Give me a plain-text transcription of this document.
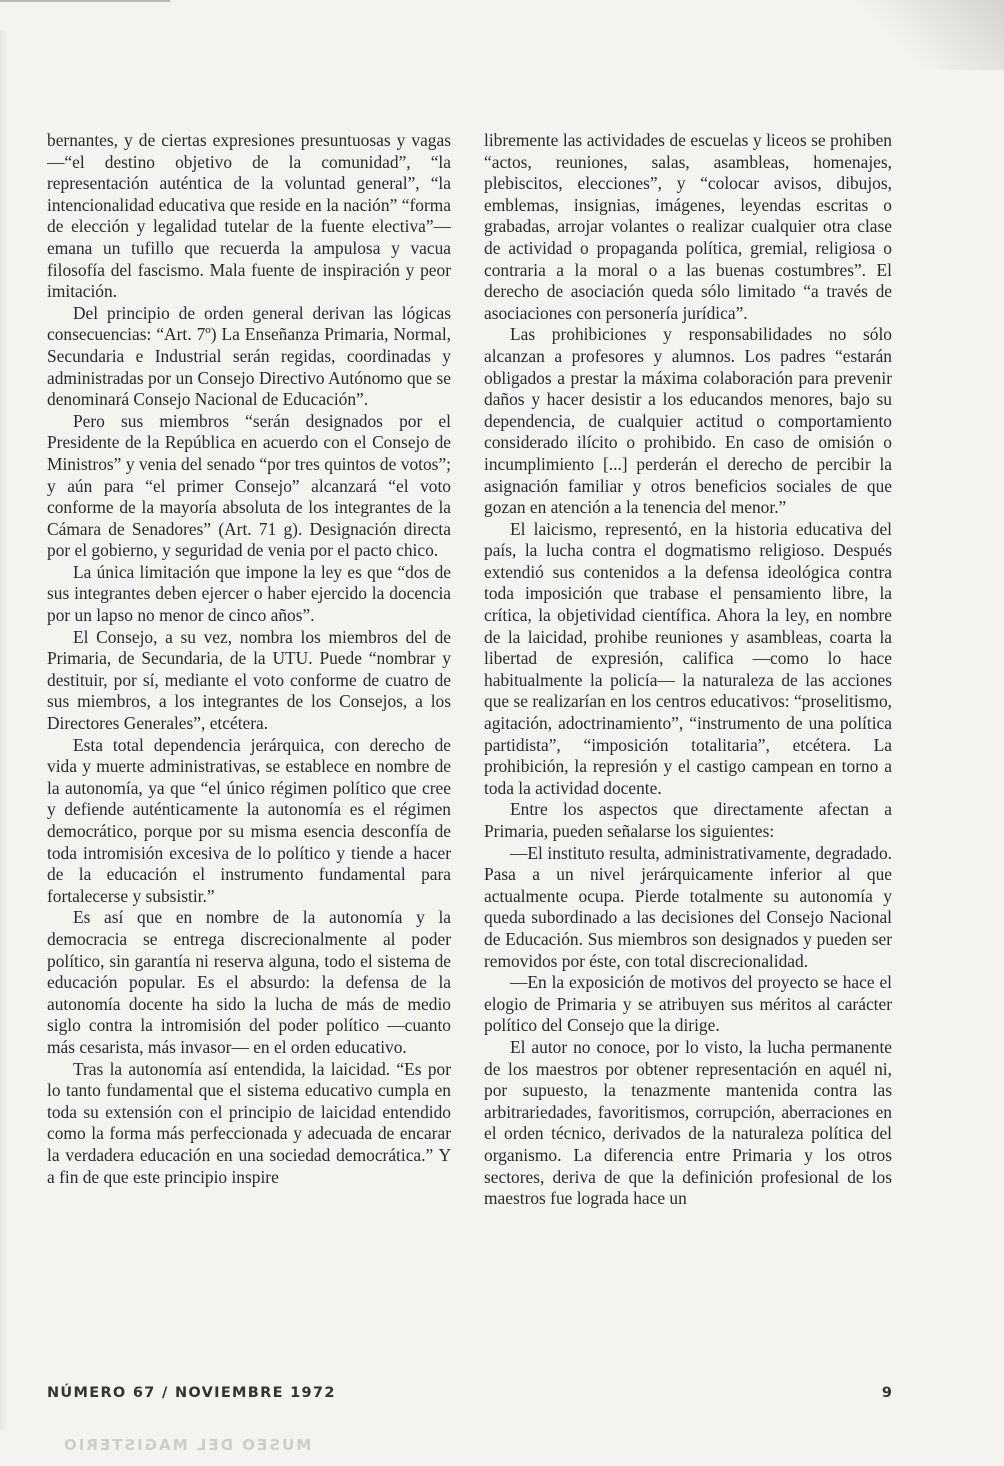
bernantes, y de ciertas expresiones presuntuosas y vagas —“el destino objetivo de la comunidad”, “la representación auténtica de la voluntad general”, “la intencionalidad educativa que reside en la nación” “forma de elección y legalidad tutelar de la fuente electiva”— emana un tufillo que recuerda la ampulosa y vacua filosofía del fascismo. Mala fuente de inspiración y peor imitación.

Del principio de orden general derivan las lógicas consecuencias: “Art. 7º) La Enseñanza Primaria, Normal, Secundaria e Industrial serán regidas, coordinadas y administradas por un Consejo Directivo Autónomo que se denominará Consejo Nacional de Educación”.

Pero sus miembros “serán designados por el Presidente de la República en acuerdo con el Consejo de Ministros” y venia del senado “por tres quintos de votos”; y aún para “el primer Consejo” alcanzará “el voto conforme de la mayoría absoluta de los integrantes de la Cámara de Senadores” (Art. 71 g). Designación directa por el gobierno, y seguridad de venia por el pacto chico.

La única limitación que impone la ley es que “dos de sus integrantes deben ejercer o haber ejercido la docencia por un lapso no menor de cinco años”.

El Consejo, a su vez, nombra los miembros del de Primaria, de Secundaria, de la UTU. Puede “nombrar y destituir, por sí, mediante el voto conforme de cuatro de sus miembros, a los integrantes de los Consejos, a los Directores Generales”, etcétera.

Esta total dependencia jerárquica, con derecho de vida y muerte administrativas, se establece en nombre de la autonomía, ya que “el único régimen político que cree y defiende auténticamente la autonomía es el régimen democrático, porque por su misma esencia desconfía de toda intromisión excesiva de lo político y tiende a hacer de la educación el instrumento fundamental para fortalecerse y subsistir.”

Es así que en nombre de la autonomía y la democracia se entrega discrecionalmente al poder político, sin garantía ni reserva alguna, todo el sistema de educación popular. Es el absurdo: la defensa de la autonomía docente ha sido la lucha de más de medio siglo contra la intromisión del poder político —cuanto más cesarista, más invasor— en el orden educativo.

Tras la autonomía así entendida, la laicidad. “Es por lo tanto fundamental que el sistema educativo cumpla en toda su extensión con el principio de laicidad entendido como la forma más perfeccionada y adecuada de encarar la verdadera educación en una sociedad democrática.” Y a fin de que este principio inspire

libremente las actividades de escuelas y liceos se prohiben “actos, reuniones, salas, asambleas, homenajes, plebiscitos, elecciones”, y “colocar avisos, dibujos, emblemas, insignias, imágenes, leyendas escritas o grabadas, arrojar volantes o realizar cualquier otra clase de actividad o propaganda política, gremial, religiosa o contraria a la moral o a las buenas costumbres”. El derecho de asociación queda sólo limitado “a través de asociaciones con personería jurídica”.

Las prohibiciones y responsabilidades no sólo alcanzan a profesores y alumnos. Los padres “estarán obligados a prestar la máxima colaboración para prevenir daños y hacer desistir a los educandos menores, bajo su dependencia, de cualquier actitud o comportamiento considerado ilícito o prohibido. En caso de omisión o incumplimiento [...] perderán el derecho de percibir la asignación familiar y otros beneficios sociales de que gozan en atención a la tenencia del menor.”

El laicismo, representó, en la historia educativa del país, la lucha contra el dogmatismo religioso. Después extendió sus contenidos a la defensa ideológica contra toda imposición que trabase el pensamiento libre, la crítica, la objetividad científica. Ahora la ley, en nombre de la laicidad, prohibe reuniones y asambleas, coarta la libertad de expresión, califica —como lo hace habitualmente la policía— la naturaleza de las acciones que se realizarían en los centros educativos: “proselitismo, agitación, adoctrinamiento”, “instrumento de una política partidista”, “imposición totalitaria”, etcétera. La prohibición, la represión y el castigo campean en torno a toda la actividad docente.

Entre los aspectos que directamente afectan a Primaria, pueden señalarse los siguientes:

—El instituto resulta, administrativamente, degradado. Pasa a un nivel jerárquicamente inferior al que actualmente ocupa. Pierde totalmente su autonomía y queda subordinado a las decisiones del Consejo Nacional de Educación. Sus miembros son designados y pueden ser removidos por éste, con total discrecionalidad.

—En la exposición de motivos del proyecto se hace el elogio de Primaria y se atribuyen sus méritos al carácter político del Consejo que la dirige.

El autor no conoce, por lo visto, la lucha permanente de los maestros por obtener representación en aquél ni, por supuesto, la tenazmente mantenida contra las arbitrariedades, favoritismos, corrupción, aberraciones en el orden técnico, derivados de la naturaleza política del organismo. La diferencia entre Primaria y los otros sectores, deriva de que la definición profesional de los maestros fue lograda hace un

NÚMERO 67 / NOVIEMBRE 1972	9
MUSEO DEL MAGISTERIO
